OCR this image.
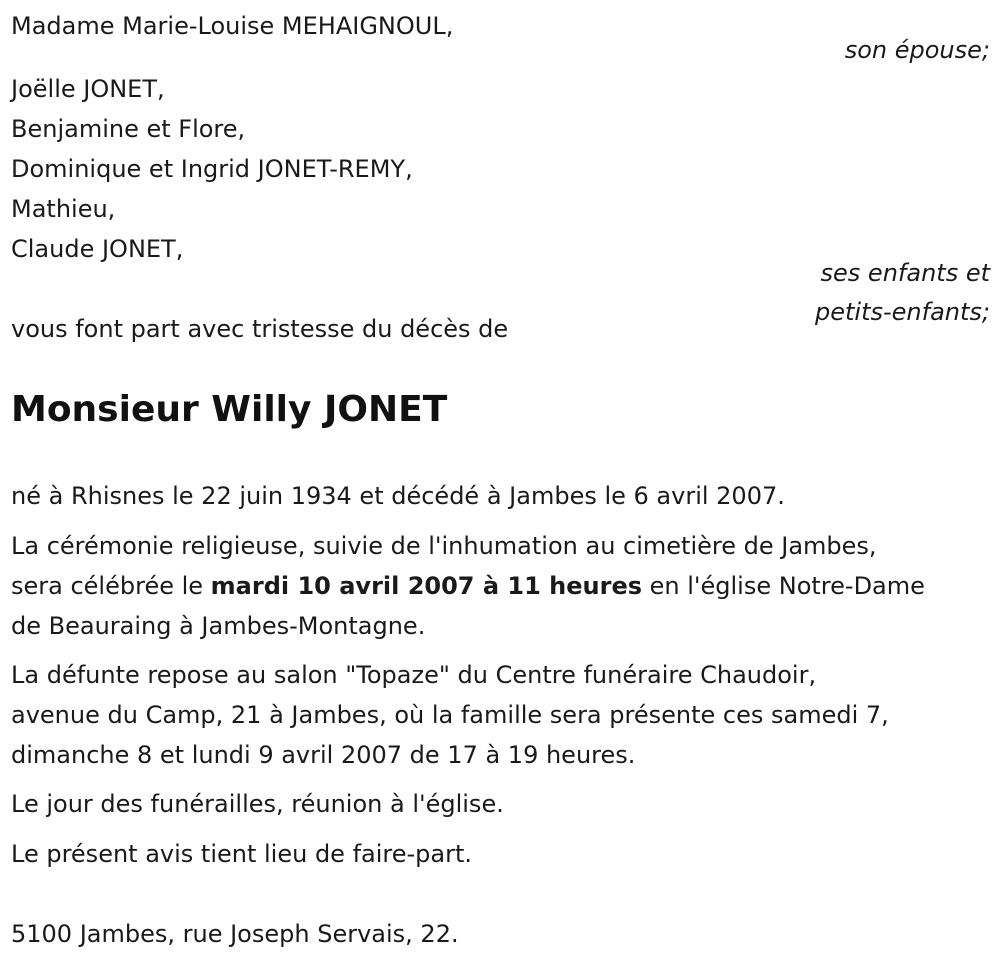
Madame Marie-Louise MEHAIGNOUL,
son épouse;
Joëlle JONET,
Benjamine et Flore,
Dominique et Ingrid JONET-REMY,
Mathieu,
Claude JONET,
ses enfants et
petits-enfants;
vous font part avec tristesse du décès de
Monsieur Willy JONET
né à Rhisnes le 22 juin 1934 et décédé à Jambes le 6 avril 2007.
La cérémonie religieuse, suivie de l'inhumation au cimetière de Jambes,
sera célébrée le mardi 10 avril 2007 à 11 heures en l'église Notre-Dame
de Beauraing à Jambes-Montagne.
La défunte repose au salon "Topaze" du Centre funéraire Chaudoir,
avenue du Camp, 21 à Jambes, où la famille sera présente ces samedi 7,
dimanche 8 et lundi 9 avril 2007 de 17 à 19 heures.
Le jour des funérailles, réunion à l'église.
Le présent avis tient lieu de faire-part.
5100 Jambes, rue Joseph Servais, 22.
